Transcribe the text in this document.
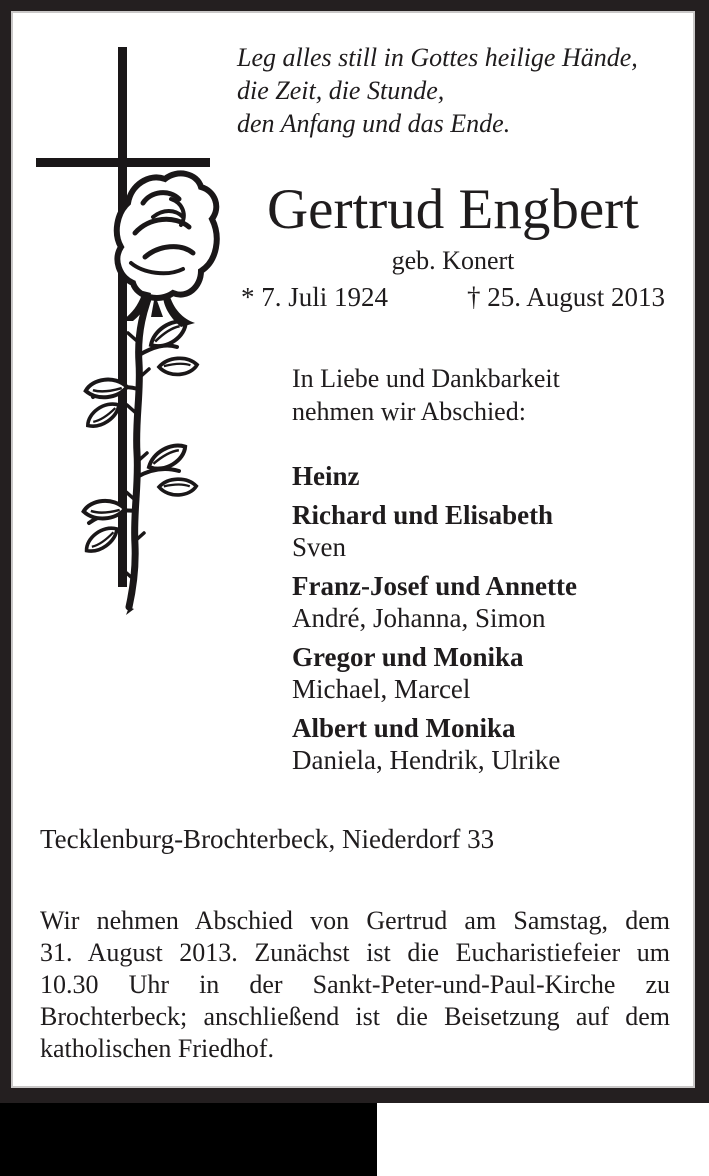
Leg alles still in Gottes heilige Hände,
die Zeit, die Stunde,
den Anfang und das Ende.
Gertrud Engbert
geb. Konert
* 7. Juli 1924	† 25. August 2013
In Liebe und Dankbarkeit
nehmen wir Abschied:
Heinz
Richard und Elisabeth
Sven
Franz-Josef und Annette
André, Johanna, Simon
Gregor und Monika
Michael, Marcel
Albert und Monika
Daniela, Hendrik, Ulrike
Tecklenburg-Brochterbeck, Niederdorf 33
Wir nehmen Abschied von Gertrud am Samstag, dem
31. August 2013. Zunächst ist die Eucharistiefeier um
10.30 Uhr in der Sankt-Peter-und-Paul-Kirche zu
Brochterbeck; anschließend ist die Beisetzung auf dem
katholischen Friedhof.
